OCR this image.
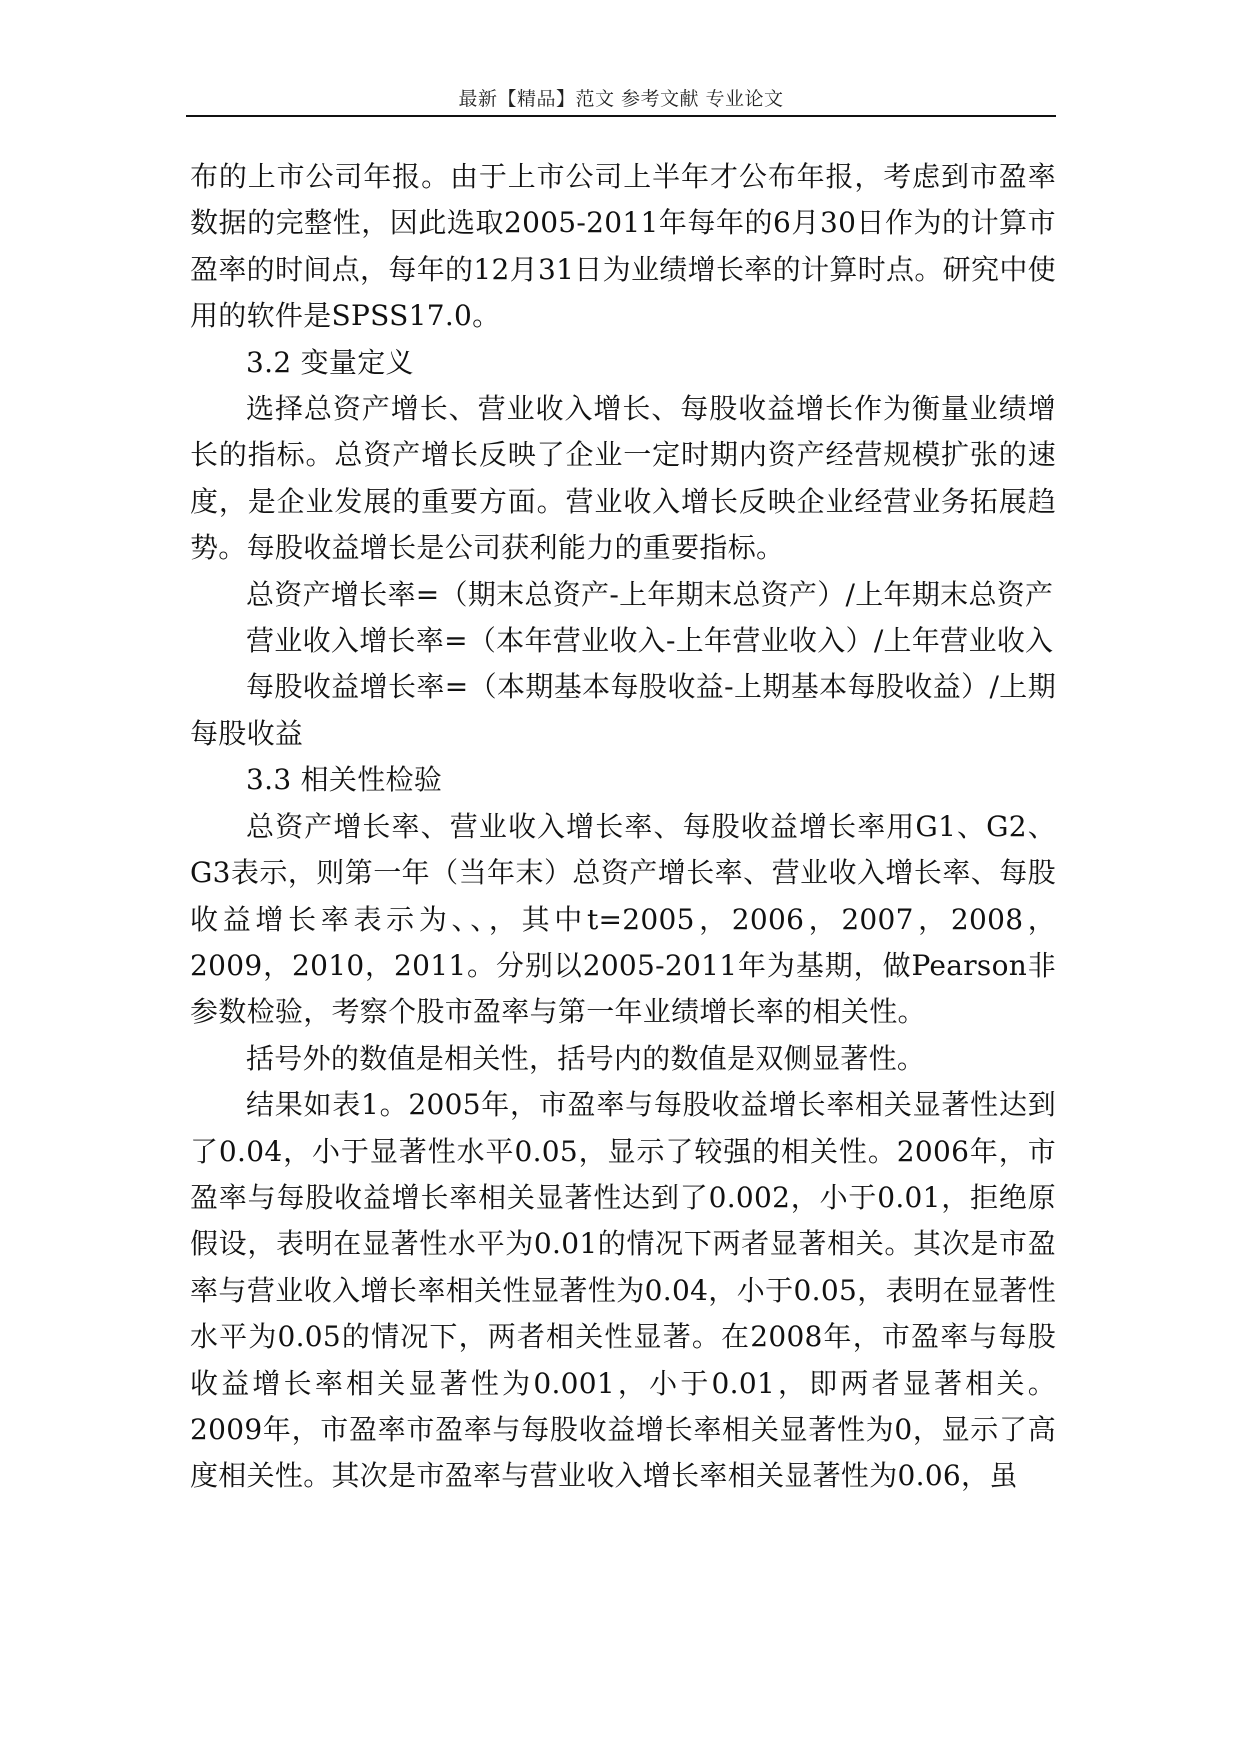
最新【精品】范文 参考文献 专业论文

布的上市公司年报。由于上市公司上半年才公布年报，考虑到市盈率数据的完整性，因此选取2005-2011年每年的6月30日作为的计算市盈率的时间点，每年的12月31日为业绩增长率的计算时点。研究中使用的软件是SPSS17.0。

3.2 变量定义

选择总资产增长、营业收入增长、每股收益增长作为衡量业绩增长的指标。总资产增长反映了企业一定时期内资产经营规模扩张的速度，是企业发展的重要方面。营业收入增长反映企业经营业务拓展趋势。每股收益增长是公司获利能力的重要指标。

总资产增长率=（期末总资产-上年期末总资产）/上年期末总资产

营业收入增长率=（本年营业收入-上年营业收入）/上年营业收入

每股收益增长率=（本期基本每股收益-上期基本每股收益）/上期每股收益

3.3 相关性检验

总资产增长率、营业收入增长率、每股收益增长率用G1、G2、G3表示，则第一年（当年末）总资产增长率、营业收入增长率、每股收益增长率表示为、、，其中t=2005，2006，2007，2008，2009，2010，2011。分别以2005-2011年为基期，做Pearson非参数检验，考察个股市盈率与第一年业绩增长率的相关性。

括号外的数值是相关性，括号内的数值是双侧显著性。

结果如表1。2005年，市盈率与每股收益增长率相关显著性达到了0.04，小于显著性水平0.05，显示了较强的相关性。2006年，市盈率与每股收益增长率相关显著性达到了0.002，小于0.01，拒绝原假设，表明在显著性水平为0.01的情况下两者显著相关。其次是市盈率与营业收入增长率相关性显著性为0.04，小于0.05，表明在显著性水平为0.05的情况下，两者相关性显著。在2008年，市盈率与每股收益增长率相关显著性为0.001，小于0.01，即两者显著相关。2009年，市盈率市盈率与每股收益增长率相关显著性为0，显示了高度相关性。其次是市盈率与营业收入增长率相关显著性为0.06，虽
